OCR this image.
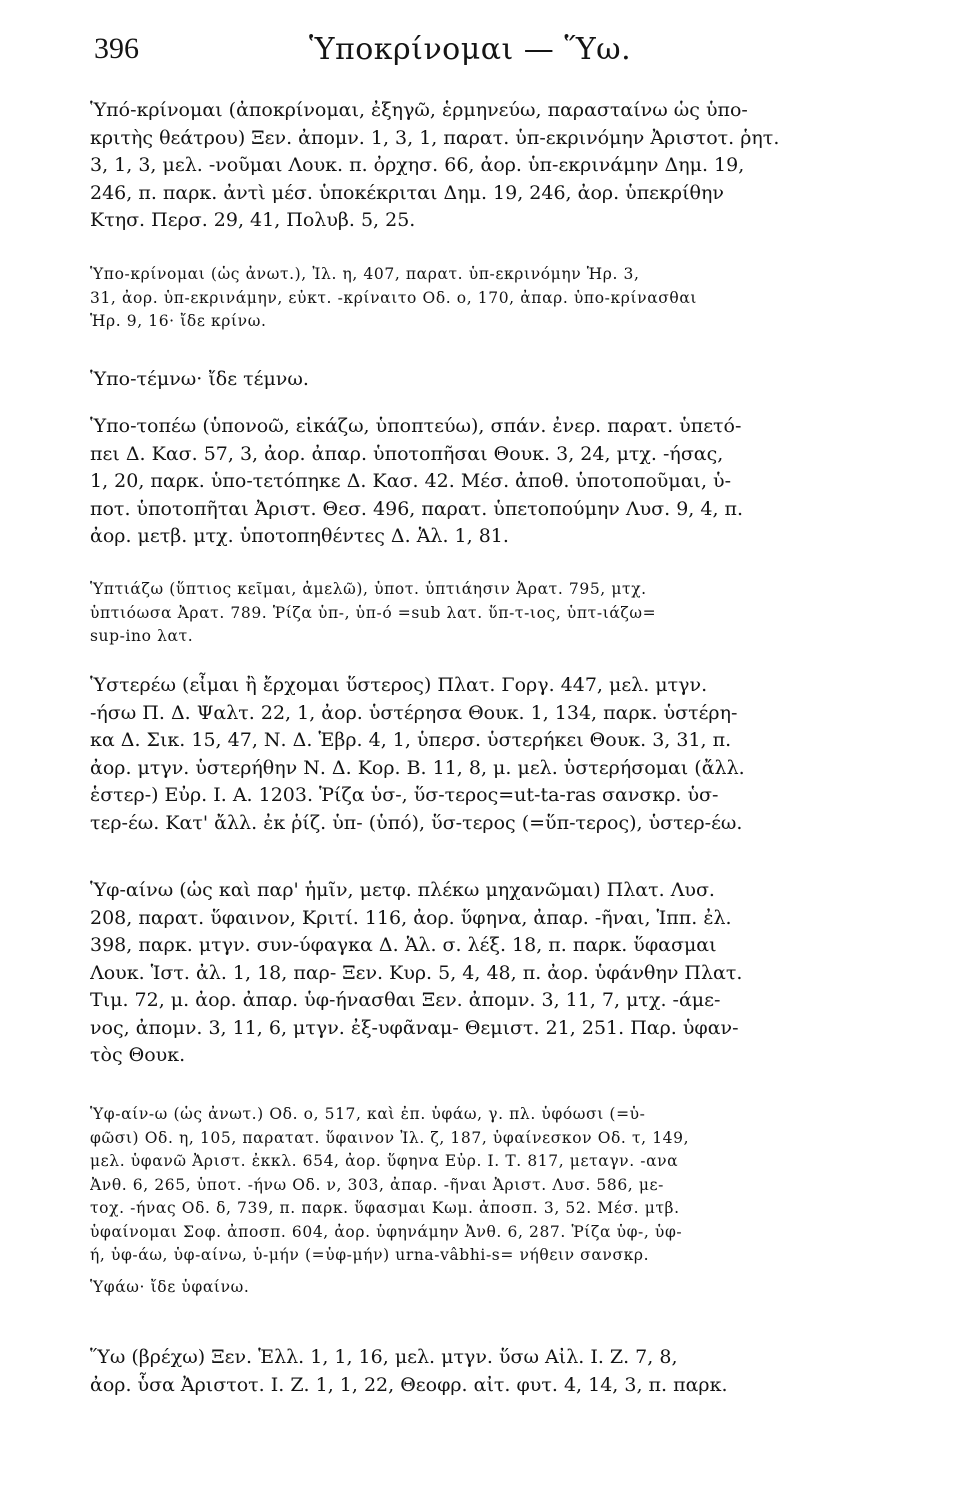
396	Ὑποκρίνομαι — Ὕω.
Ὑπό-κρίνομαι (ἀποκρίνομαι, ἐξηγῶ, ἑρμηνεύω, παρασταίνω ὡς ὑπο-
κριτὴς θεάτρου) Ξεν. ἀπομν. 1, 3, 1, παρατ. ὑπ-εκρινόμην Ἀριστοτ. ῥητ.
3, 1, 3, μελ. -νοῦμαι Λουκ. π. ὀρχησ. 66, ἀορ. ὑπ-εκρινάμην Δημ. 19,
246, π. παρκ. ἀντὶ μέσ. ὑποκέκριται Δημ. 19, 246, ἀορ. ὑπεκρίθην
Κτησ. Περσ. 29, 41, Πολυβ. 5, 25.
Ὑπο-κρίνομαι (ὡς ἀνωτ.), Ἰλ. η, 407, παρατ. ὑπ-εκρινόμην Ἡρ. 3,
31, ἀορ. ὑπ-εκρινάμην, εὐκτ. -κρίναιτο Οδ. ο, 170, ἀπαρ. ὑπο-κρίνασθαι
Ἡρ. 9, 16· ἴδε κρίνω.
Ὑπο-τέμνω· ἴδε τέμνω.
Ὑπο-τοπέω (ὑπονοῶ, εἰκάζω, ὑποπτεύω), σπάν. ἐνερ. παρατ. ὑπετό-
πει Δ. Κασ. 57, 3, ἀορ. ἀπαρ. ὑποτοπῆσαι Θουκ. 3, 24, μτχ. -ήσας,
1, 20, παρκ. ὑπο-τετόπηκε Δ. Κασ. 42. Μέσ. ἀποθ. ὑποτοποῦμαι, ὑ-
ποτ. ὑποτοπῆται Ἀριστ. Θεσ. 496, παρατ. ὑπετοπούμην Λυσ. 9, 4, π.
ἀορ. μετβ. μτχ. ὑποτοπηθέντες Δ. Ἁλ. 1, 81.
Ὑπτιάζω (ὕπτιος κεῖμαι, ἀμελῶ), ὑποτ. ὑπτιάησιν Ἀρατ. 795, μτχ.
ὑπτιόωσα Ἀρατ. 789. Ῥίζα ὑπ-, ὑπ-ό =sub λατ. ὕπ-τ-ιος, ὑπτ-ιάζω=
sup-ino λατ.
Ὑστερέω (εἶμαι ἢ ἔρχομαι ὕστερος) Πλατ. Γοργ. 447, μελ. μτγν.
-ήσω Π. Δ. Ψαλτ. 22, 1, ἀορ. ὑστέρησα Θουκ. 1, 134, παρκ. ὑστέρη-
κα Δ. Σικ. 15, 47, Ν. Δ. Ἑβρ. 4, 1, ὑπερσ. ὑστερήκει Θουκ. 3, 31, π.
ἀορ. μτγν. ὑστερήθην Ν. Δ. Κορ. Β. 11, 8, μ. μελ. ὑστερήσομαι (ἄλλ.
ἑστερ-) Εὐρ. Ι. Α. 1203. Ῥίζα ὑσ-, ὕσ-τερος=ut-ta-ras σανσκρ. ὑσ-
τερ-έω. Κατ' ἄλλ. ἐκ ῥίζ. ὑπ- (ὑπό), ὕσ-τερος (=ὕπ-τερος), ὑστερ-έω.
Ὑφ-αίνω (ὡς καὶ παρ' ἡμῖν, μετφ. πλέκω μηχανῶμαι) Πλατ. Λυσ.
208, παρατ. ὕφαινον, Κριτί. 116, ἀορ. ὕφηνα, ἀπαρ. -ῆναι, Ἱππ. ἐλ.
398, παρκ. μτγν. συν-ύφαγκα Δ. Ἁλ. σ. λέξ. 18, π. παρκ. ὕφασμαι
Λουκ. Ἱστ. ἀλ. 1, 18, παρ- Ξεν. Κυρ. 5, 4, 48, π. ἀορ. ὑφάνθην Πλατ.
Τιμ. 72, μ. ἀορ. ἀπαρ. ὑφ-ήνασθαι Ξεν. ἀπομν. 3, 11, 7, μτχ. -άμε-
νος, ἀπομν. 3, 11, 6, μτγν. ἐξ-υφᾶναμ- Θεμιστ. 21, 251. Παρ. ὑφαν-
τὸς Θουκ.
Ὑφ-αίν-ω (ὡς ἀνωτ.) Οδ. ο, 517, καὶ ἐπ. ὑφάω, γ. πλ. ὑφόωσι (=ὑ-
φῶσι) Οδ. η, 105, παρατατ. ὕφαινον Ἰλ. ζ, 187, ὑφαίνεσκον Οδ. τ, 149,
μελ. ὑφανῶ Ἀριστ. ἐκκλ. 654, ἀορ. ὕφηνα Εὐρ. Ι. Τ. 817, μεταγν. -ανα
Ἀνθ. 6, 265, ὑποτ. -ήνω Οδ. ν, 303, ἀπαρ. -ῆναι Ἀριστ. Λυσ. 586, με-
τοχ. -ήνας Οδ. δ, 739, π. παρκ. ὕφασμαι Κωμ. ἀποσπ. 3, 52. Μέσ. μτβ.
ὑφαίνομαι Σοφ. ἀποσπ. 604, ἀορ. ὑφηνάμην Ἀνθ. 6, 287. Ῥίζα ὑφ-, ὑφ-
ή, ὑφ-άω, ὑφ-αίνω, ὑ-μήν (=ὑφ-μήν) urna-vâbhi-s= νήθειν σανσκρ.
Ὑφάω· ἴδε ὑφαίνω.
Ὕω (βρέχω) Ξεν. Ἑλλ. 1, 1, 16, μελ. μτγν. ὕσω Αἰλ. Ι. Ζ. 7, 8,
ἀορ. ὗσα Ἀριστοτ. Ι. Ζ. 1, 1, 22, Θεοφρ. αἰτ. φυτ. 4, 14, 3, π. παρκ.
